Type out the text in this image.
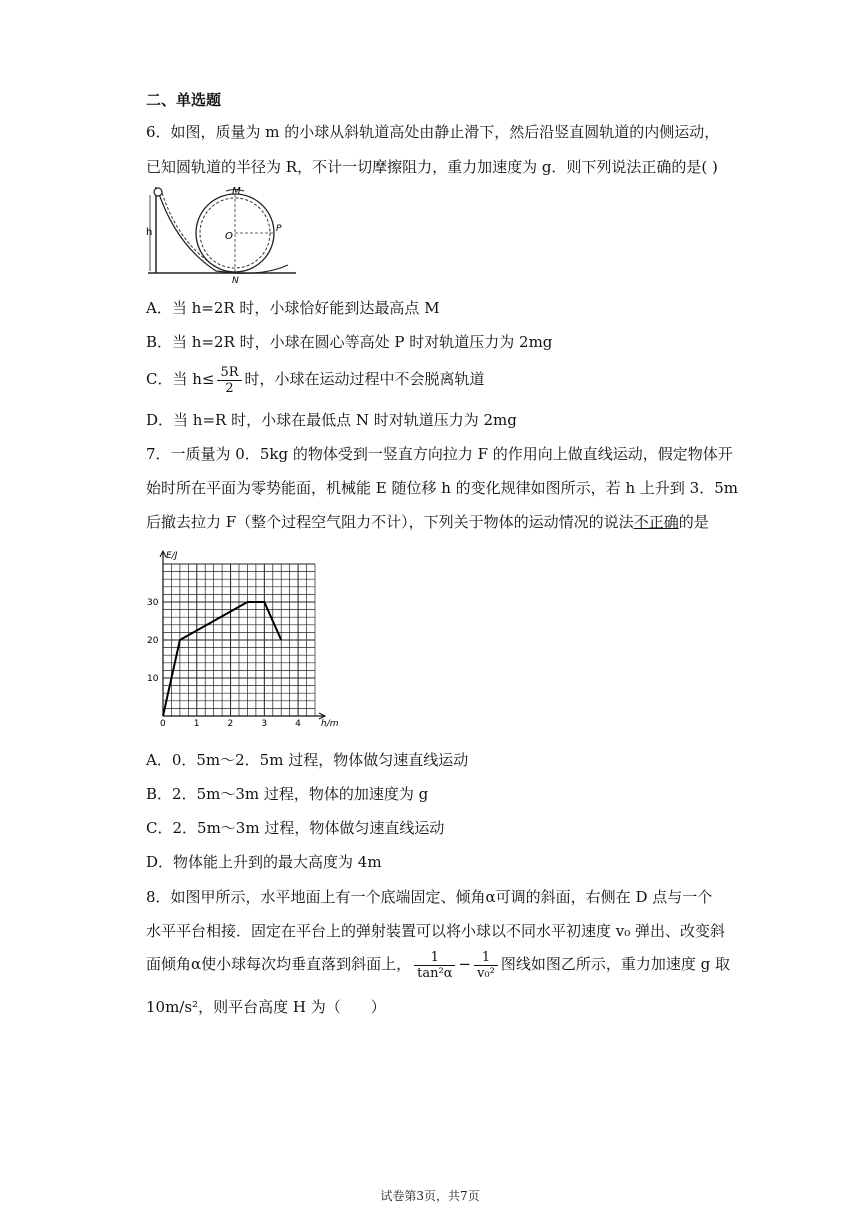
二、单选题
6．如图，质量为 m 的小球从斜轨道高处由静止滑下，然后沿竖直圆轨道的内侧运动，
已知圆轨道的半径为 R，不计一切摩擦阻力，重力加速度为 g．则下列说法正确的是( )
h
M
O
P
N
A．当 h=2R 时，小球恰好能到达最高点 M
B．当 h=2R 时，小球在圆心等高处 P 时对轨道压力为 2mg
C．当 $h\le \frac{5R}{2}$ 时，小球在运动过程中不会脱离轨道
D．当 h=R 时，小球在最低点 N 时对轨道压力为 2mg
7．一质量为 0．5kg 的物体受到一竖直方向拉力 F 的作用向上做直线运动，假定物体开
始时所在平面为零势能面，机械能 E 随位移 h 的变化规律如图所示，若 h 上升到 3．5m
后撤去拉力 F（整个过程空气阻力不计），下列关于物体的运动情况的说法不正确的是
0	1	2	3	4
10
20
30
E/J
h/m
A．0．5m～2．5m 过程，物体做匀速直线运动
B．2．5m～3m 过程，物体的加速度为 g
C．2．5m～3m 过程，物体做匀速直线运动
D．物体能上升到的最大高度为 4m
8．如图甲所示，水平地面上有一个底端固定、倾角α可调的斜面，右侧在 D 点与一个
水平平台相接．固定在平台上的弹射装置可以将小球以不同水平初速度 v₀ 弹出、改变斜
面倾角α使小球每次均垂直落到斜面上， $\frac{1}{\text{tan²α}} - \frac{1}{\text{v₀²}}$ 图线如图乙所示，重力加速度 g 取
10m/s²，则平台高度 H 为（　　）
试卷第3页，共7页
